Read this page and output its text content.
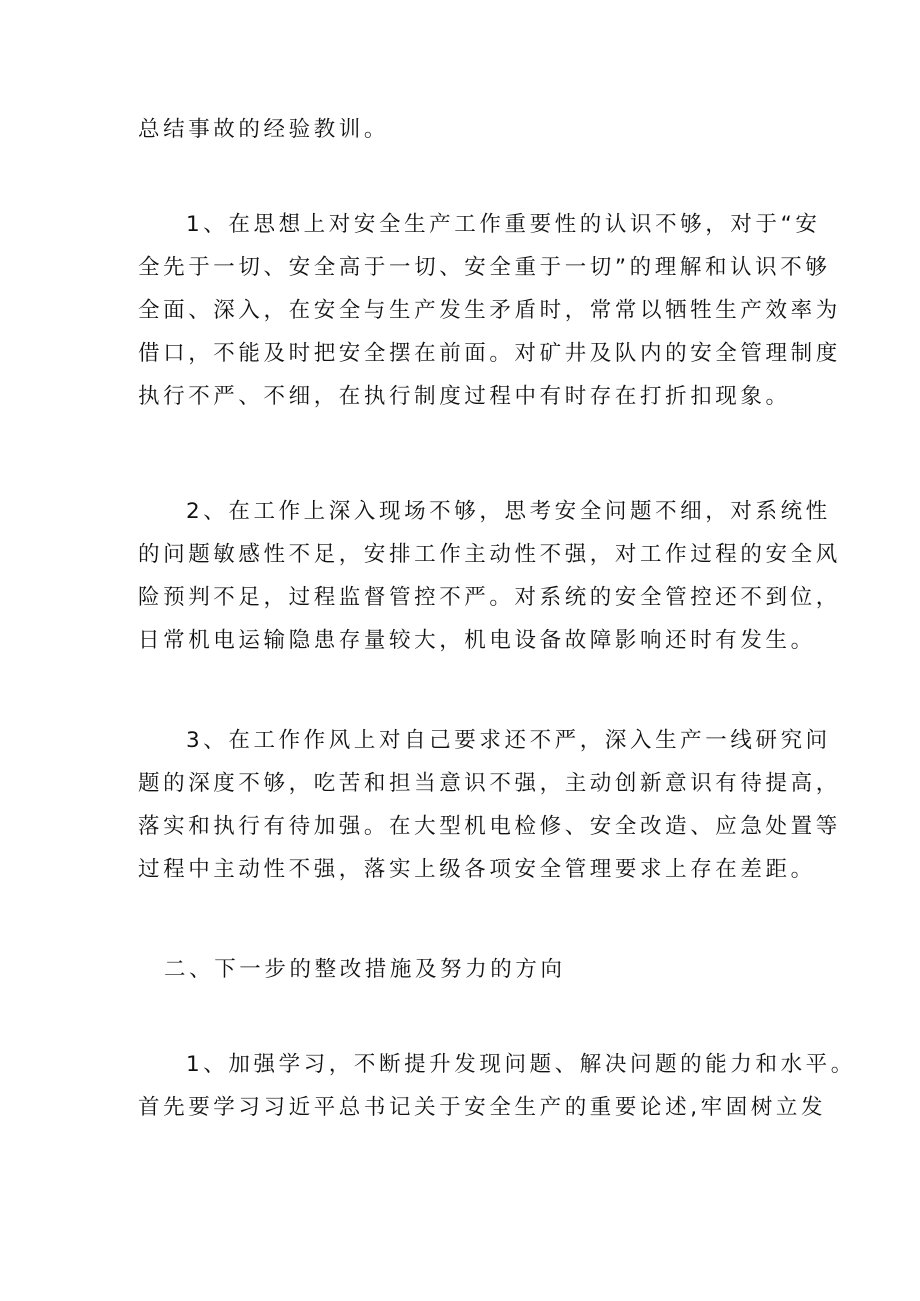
总结事故的经验教训。
1、在思想上对安全生产工作重要性的认识不够，对于“安
全先于一切、安全高于一切、安全重于一切”的理解和认识不够
全面、深入，在安全与生产发生矛盾时，常常以牺牲生产效率为
借口，不能及时把安全摆在前面。对矿井及队内的安全管理制度
执行不严、不细，在执行制度过程中有时存在打折扣现象。
2、在工作上深入现场不够，思考安全问题不细，对系统性
的问题敏感性不足，安排工作主动性不强，对工作过程的安全风
险预判不足，过程监督管控不严。对系统的安全管控还不到位，
日常机电运输隐患存量较大，机电设备故障影响还时有发生。
3、在工作作风上对自己要求还不严，深入生产一线研究问
题的深度不够，吃苦和担当意识不强，主动创新意识有待提高，
落实和执行有待加强。在大型机电检修、安全改造、应急处置等
过程中主动性不强，落实上级各项安全管理要求上存在差距。
二、下一步的整改措施及努力的方向
1、加强学习，不断提升发现问题、解决问题的能力和水平。
首先要学习习近平总书记关于安全生产的重要论述,牢固树立发
